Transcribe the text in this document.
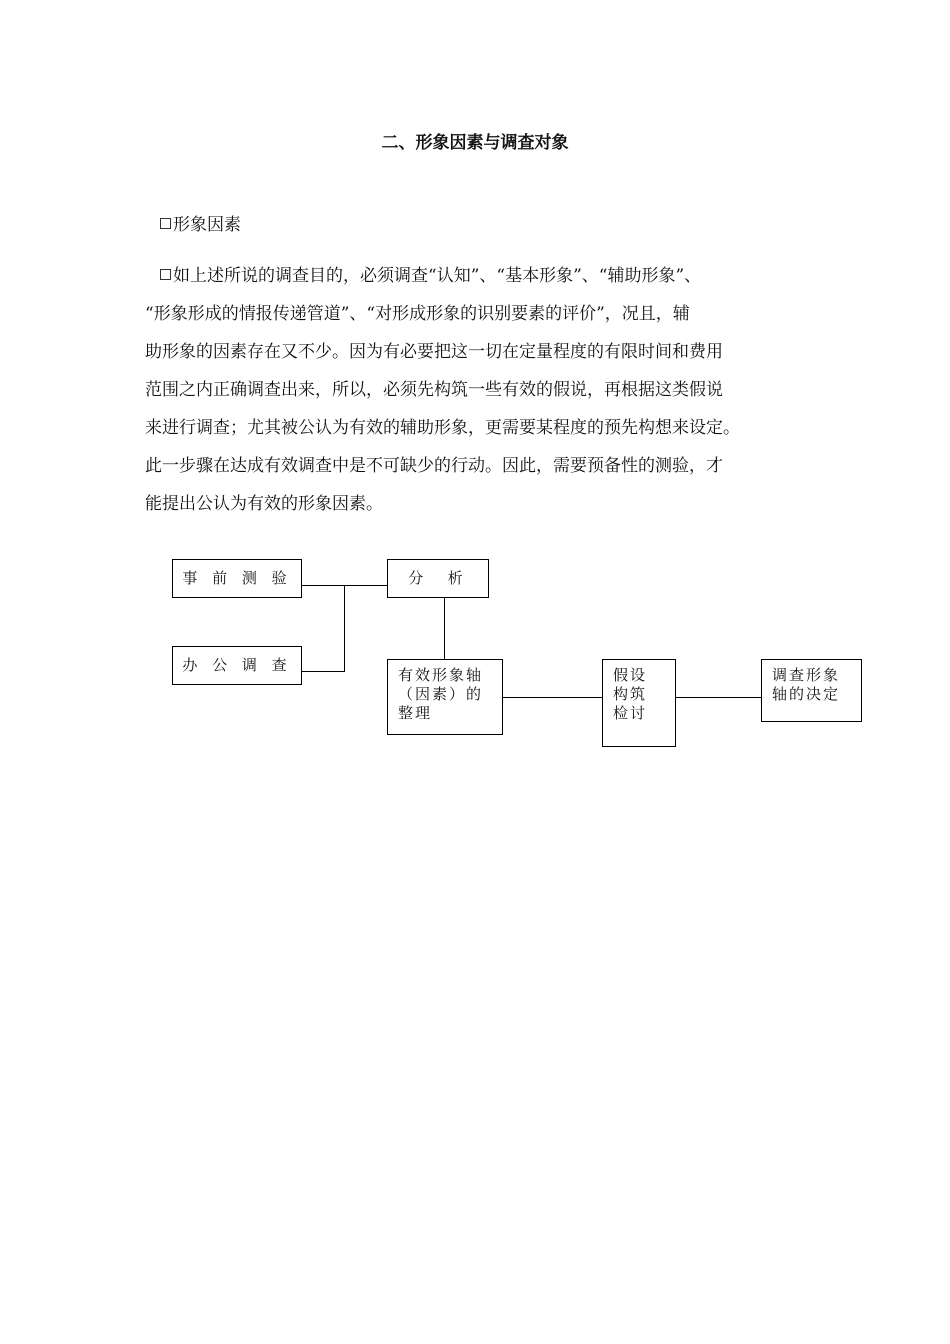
二、形象因素与调查对象
形象因素
如上述所说的调查目的，必须调查“认知”、“基本形象”、“辅助形象”、
“形象形成的情报传递管道”、“对形成形象的识别要素的评价”，况且，辅
助形象的因素存在又不少。因为有必要把这一切在定量程度的有限时间和费用
范围之内正确调查出来，所以，必须先构筑一些有效的假说，再根据这类假说
来进行调查；尤其被公认为有效的辅助形象，更需要某程度的预先构想来设定。
此一步骤在达成有效调查中是不可缺少的行动。因此，需要预备性的测验，才
能提出公认为有效的形象因素。
事 前 测 验
办 公 调 查
分  析
有效形象轴
（因素）的
整理
假设
构筑
检讨
调查形象
轴的决定
